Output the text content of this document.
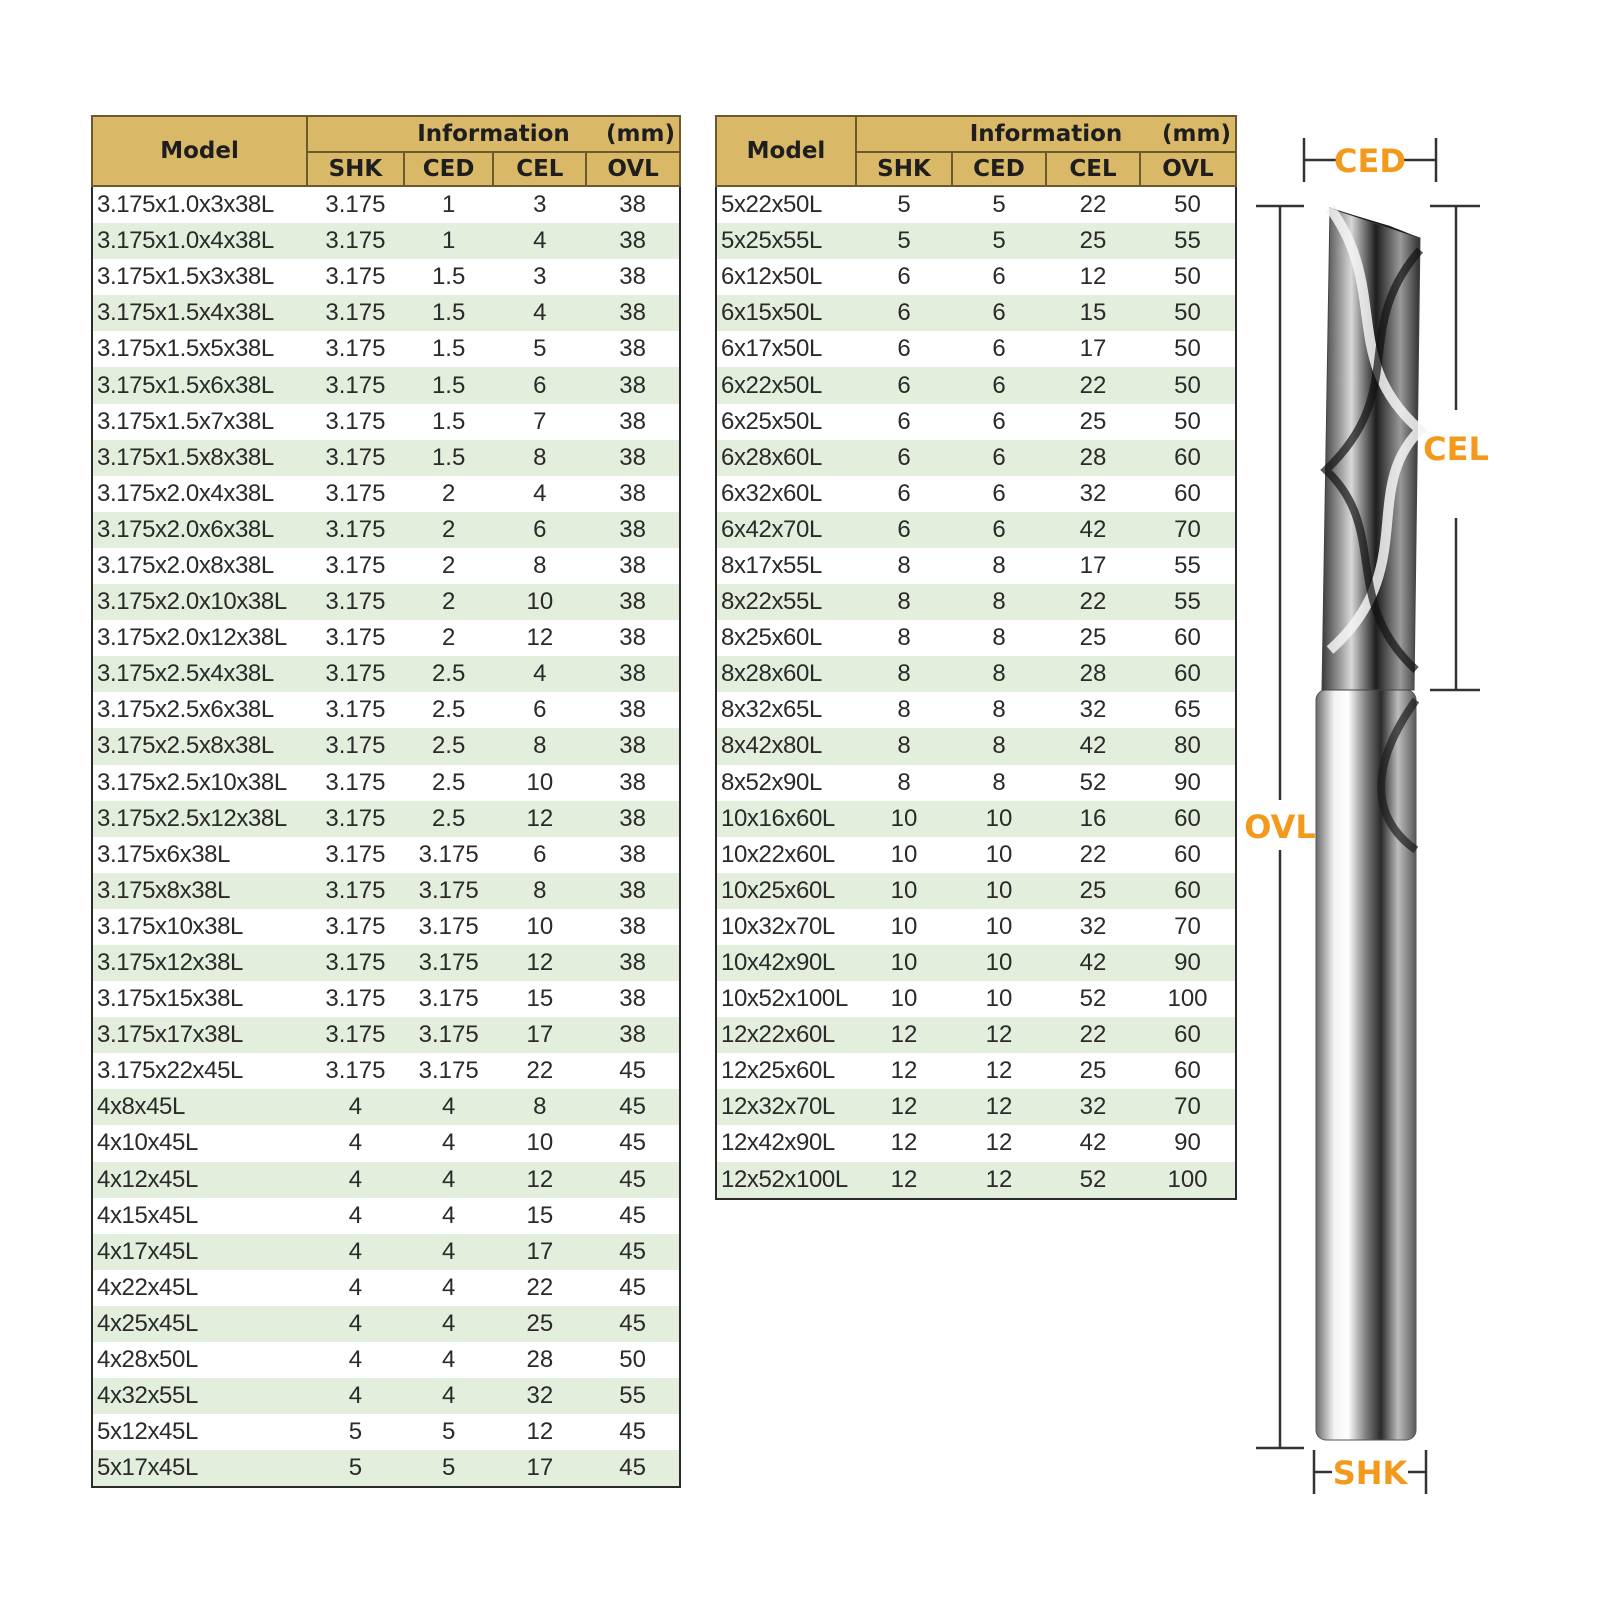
Model	Information (mm)			

	SHK	CED	CEL	OVL
3.175x1.0x3x38L	3.175	1	3	38
3.175x1.0x4x38L	3.175	1	4	38
3.175x1.5x3x38L	3.175	1.5	3	38
3.175x1.5x4x38L	3.175	1.5	4	38
3.175x1.5x5x38L	3.175	1.5	5	38
3.175x1.5x6x38L	3.175	1.5	6	38
3.175x1.5x7x38L	3.175	1.5	7	38
3.175x1.5x8x38L	3.175	1.5	8	38
3.175x2.0x4x38L	3.175	2	4	38
3.175x2.0x6x38L	3.175	2	6	38
3.175x2.0x8x38L	3.175	2	8	38
3.175x2.0x10x38L	3.175	2	10	38
3.175x2.0x12x38L	3.175	2	12	38
3.175x2.5x4x38L	3.175	2.5	4	38
3.175x2.5x6x38L	3.175	2.5	6	38
3.175x2.5x8x38L	3.175	2.5	8	38
3.175x2.5x10x38L	3.175	2.5	10	38
3.175x2.5x12x38L	3.175	2.5	12	38
3.175x6x38L	3.175	3.175	6	38
3.175x8x38L	3.175	3.175	8	38
3.175x10x38L	3.175	3.175	10	38
3.175x12x38L	3.175	3.175	12	38
3.175x15x38L	3.175	3.175	15	38
3.175x17x38L	3.175	3.175	17	38
3.175x22x45L	3.175	3.175	22	45
4x8x45L	4	4	8	45
4x10x45L	4	4	10	45
4x12x45L	4	4	12	45
4x15x45L	4	4	15	45
4x17x45L	4	4	17	45
4x22x45L	4	4	22	45
4x25x45L	4	4	25	45
4x28x50L	4	4	28	50
4x32x55L	4	4	32	55
5x12x45L	5	5	12	45
5x17x45L	5	5	17	45
Model	Information (mm)			

	SHK	CED	CEL	OVL
5x22x50L	5	5	22	50
5x25x55L	5	5	25	55
6x12x50L	6	6	12	50
6x15x50L	6	6	15	50
6x17x50L	6	6	17	50
6x22x50L	6	6	22	50
6x25x50L	6	6	25	50
6x28x60L	6	6	28	60
6x32x60L	6	6	32	60
6x42x70L	6	6	42	70
8x17x55L	8	8	17	55
8x22x55L	8	8	22	55
8x25x60L	8	8	25	60
8x28x60L	8	8	28	60
8x32x65L	8	8	32	65
8x42x80L	8	8	42	80
8x52x90L	8	8	52	90
10x16x60L	10	10	16	60
10x22x60L	10	10	22	60
10x25x60L	10	10	25	60
10x32x70L	10	10	32	70
10x42x90L	10	10	42	90
10x52x100L	10	10	52	100
12x22x60L	12	12	22	60
12x25x60L	12	12	25	60
12x32x70L	12	12	32	70
12x42x90L	12	12	42	90
12x52x100L	12	12	52	100
CED
OVL
CEL
SHK
